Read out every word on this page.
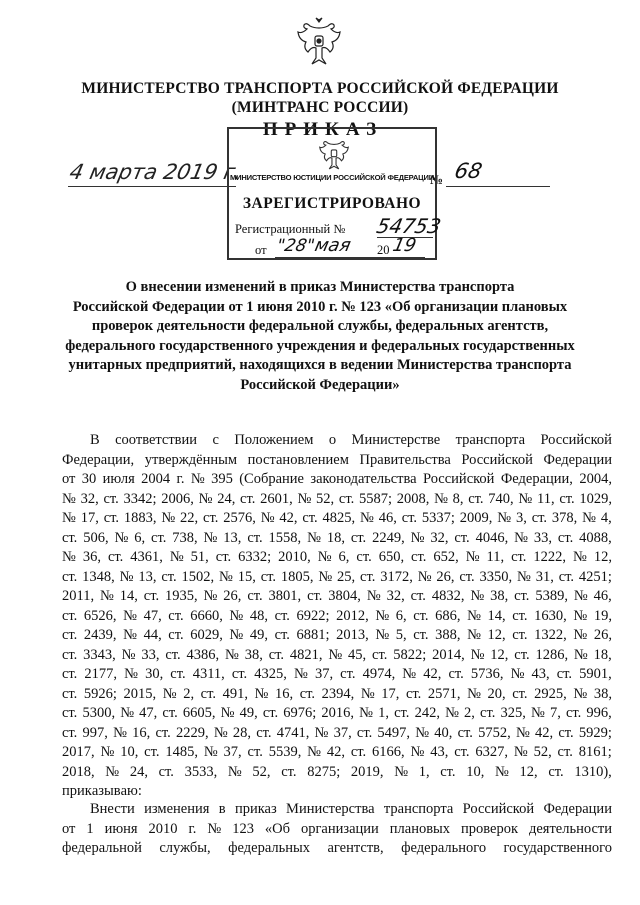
МИНИСТЕРСТВО ТРАНСПОРТА РОССИЙСКОЙ ФЕДЕРАЦИИ
(МИНТРАНС РОССИИ)
ПРИКАЗ
4 марта 2019 г.	№ 68
МИНИСТЕРСТВО ЮСТИЦИИ РОССИЙСКОЙ ФЕДЕРАЦИИ
ЗАРЕГИСТРИРОВАНО
Регистрационный № 54753
от "28"
мая 20 19
О внесении изменений в приказ Министерства транспорта
Российской Федерации от 1 июня 2010 г. № 123 «Об организации плановых
проверок деятельности федеральной службы, федеральных агентств,
федерального государственного учреждения и федеральных государственных
унитарных предприятий, находящихся в ведении Министерства транспорта
Российской Федерации»
В соответствии с Положением о Министерстве транспорта Российской
Федерации, утверждённым постановлением Правительства Российской Федерации
от 30 июля 2004 г. № 395 (Собрание законодательства Российской Федерации, 2004,
№ 32, ст. 3342; 2006, № 24, ст. 2601, № 52, ст. 5587; 2008, № 8, ст. 740, № 11, ст. 1029,
№ 17, ст. 1883, № 22, ст. 2576, № 42, ст. 4825, № 46, ст. 5337; 2009, № 3, ст. 378, № 4,
ст. 506, № 6, ст. 738, № 13, ст. 1558, № 18, ст. 2249, № 32, ст. 4046, № 33, ст. 4088,
№ 36, ст. 4361, № 51, ст. 6332; 2010, № 6, ст. 650, ст. 652, № 11, ст. 1222, № 12,
ст. 1348, № 13, ст. 1502, № 15, ст. 1805, № 25, ст. 3172, № 26, ст. 3350, № 31, ст. 4251;
2011, № 14, ст. 1935, № 26, ст. 3801, ст. 3804, № 32, ст. 4832, № 38, ст. 5389, № 46,
ст. 6526, № 47, ст. 6660, № 48, ст. 6922; 2012, № 6, ст. 686, № 14, ст. 1630, № 19,
ст. 2439, № 44, ст. 6029, № 49, ст. 6881; 2013, № 5, ст. 388, № 12, ст. 1322, № 26,
ст. 3343, № 33, ст. 4386, № 38, ст. 4821, № 45, ст. 5822; 2014, № 12, ст. 1286, № 18,
ст. 2177, № 30, ст. 4311, ст. 4325, № 37, ст. 4974, № 42, ст. 5736, № 43, ст. 5901,
ст. 5926; 2015, № 2, ст. 491, № 16, ст. 2394, № 17, ст. 2571, № 20, ст. 2925, № 38,
ст. 5300, № 47, ст. 6605, № 49, ст. 6976; 2016, № 1, ст. 242, № 2, ст. 325, № 7, ст. 996,
ст. 997, № 16, ст. 2229, № 28, ст. 4741, № 37, ст. 5497, № 40, ст. 5752, № 42, ст. 5929;
2017, № 10, ст. 1485, № 37, ст. 5539, № 42, ст. 6166, № 43, ст. 6327, № 52, ст. 8161;
2018, № 24, ст. 3533, № 52, ст. 8275; 2019, № 1, ст. 10, № 12, ст. 1310),
п р и к а з ы в а ю:
Внести изменения в приказ Министерства транспорта Российской Федерации
от 1 июня 2010 г. № 123 «Об организации плановых проверок деятельности
федеральной службы, федеральных агентств, федерального государственного
